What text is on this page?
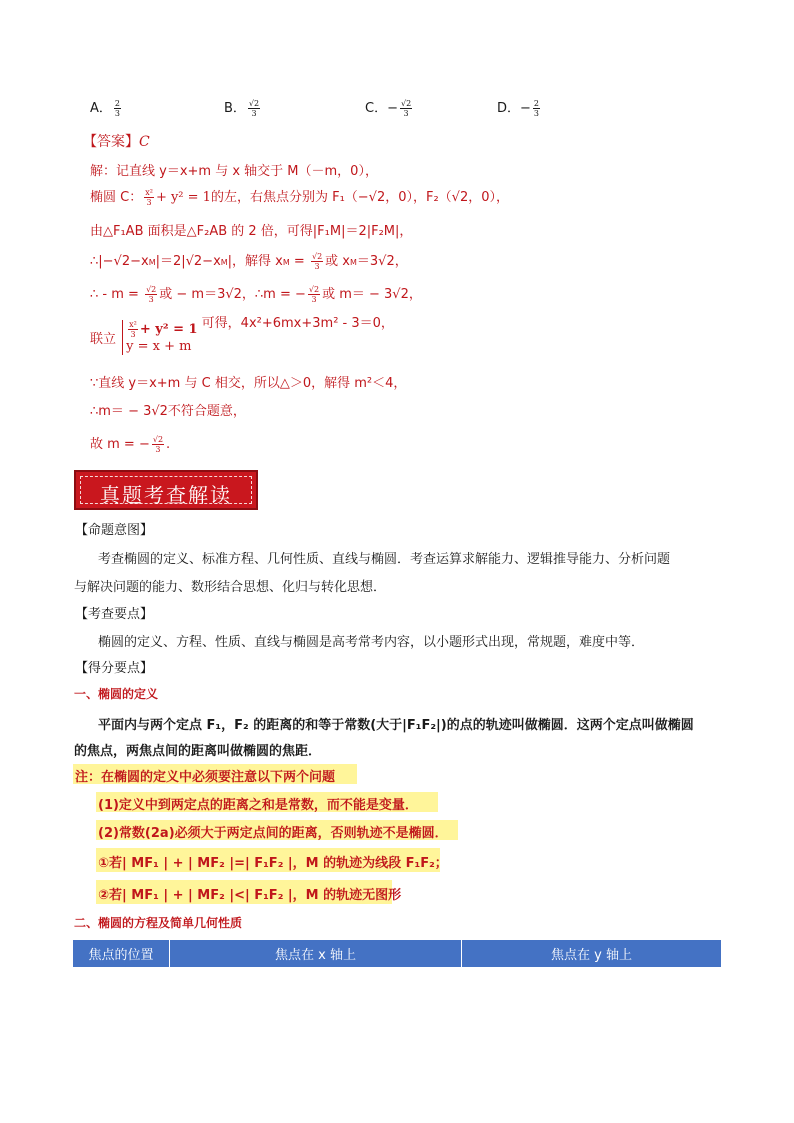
A． $\frac{2}{3}$	B． $\frac{√2}{3}$	C．− $\frac{√2}{3}$	D．− $\frac{2}{3}$
【答案】C
解：记直线 y＝x+m 与 x 轴交于 M（－m，0），
椭圆 C： $\frac{\text{x²}}{3} + y^2 = 1$的左，右焦点分别为 F₁（−√2，0），F₂（√2，0），
由△F₁AB 面积是△F₂AB 的 2 倍，可得|F₁M|＝2|F₂M|，
∴|−√2−xM|＝2|√2−xM|，解得 xM = $\frac{√2}{3}$ 或 xM＝3√2，
∴ - $m = \frac{√2}{3}$ 或 − m＝3√2，∴m = − $\frac{√2}{3}$ 或 m＝ − 3√2，
联立
$\frac{\text{x²}}{3} + y^2 = 1$
y = x + m
可得，4x²+6mx+3m² - 3＝0，
∵直线 y＝x+m 与 C 相交，所以△＞0，解得 m²＜4，
∴m＝ − 3√2不符合题意，
故 m = − $\frac{√2}{3}$ .
真题考查解读
【命题意图】
考查椭圆的定义、标准方程、几何性质、直线与椭圆．考查运算求解能力、逻辑推导能力、分析问题
与解决问题的能力、数形结合思想、化归与转化思想．
【考查要点】
椭圆的定义、方程、性质、直线与椭圆是高考常考内容，以小题形式出现，常规题，难度中等．
【得分要点】
一、椭圆的定义
平面内与两个定点 F₁，F₂ 的距离的和等于常数(大于|F₁F₂|)的点的轨迹叫做椭圆．这两个定点叫做椭圆
的焦点，两焦点间的距离叫做椭圆的焦距．
注：在椭圆的定义中必须要注意以下两个问题
(1)定义中到两定点的距离之和是常数，而不能是变量．
(2)常数(2a)必须大于两定点间的距离，否则轨迹不是椭圆．
①若| MF₁ | + | MF₂ |=| F₁F₂ |，M 的轨迹为线段 F₁F₂；
②若| MF₁ | + | MF₂ |<| F₁F₂ |，M 的轨迹无图形
二、椭圆的方程及简单几何性质
焦点的位置	焦点在 x 轴上	焦点在 y 轴上
